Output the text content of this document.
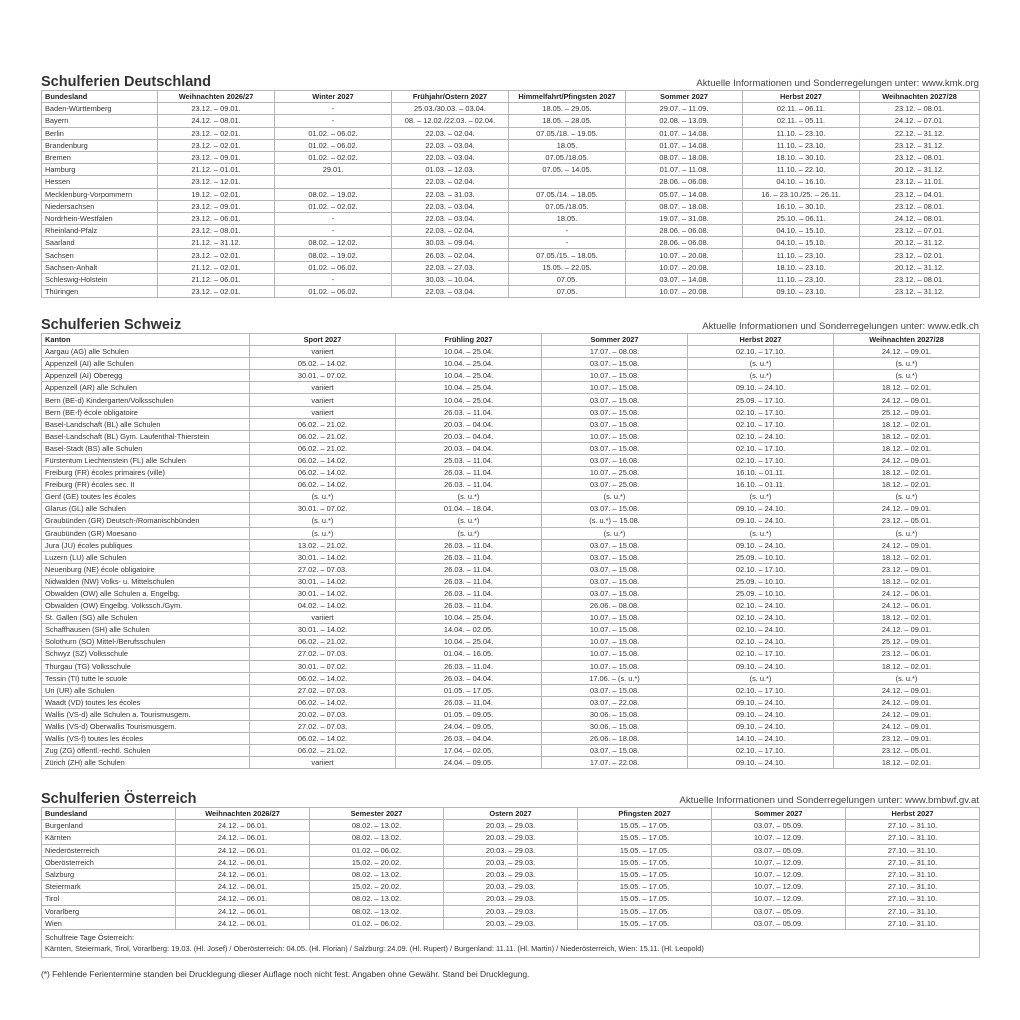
Schulferien Deutschland	Aktuelle Informationen und Sonderregelungen unter: www.kmk.org
Bundesland	Weihnachten 2026/27	Winter 2027	Frühjahr/Ostern 2027	Himmelfahrt/Pfingsten 2027	Sommer 2027	Herbst 2027	Weihnachten 2027/28
Baden-Württemberg	23.12. – 09.01.	-	25.03./30.03. – 03.04.	18.05. – 29.05.	29.07. – 11.09.	02.11. – 06.11.	23.12. – 08.01.
Bayern	24.12. – 08.01.	-	08. – 12.02./22.03. – 02.04.	18.05. – 28.05.	02.08. – 13.09.	02.11. – 05.11.	24.12. – 07.01.
Berlin	23.12. – 02.01.	01.02. – 06.02.	22.03. – 02.04.	07.05./18. – 19.05.	01.07. – 14.08.	11.10. – 23.10.	22.12. – 31.12.
Brandenburg	23.12. – 02.01.	01.02. – 06.02.	22.03. – 03.04.	18.05.	01.07. – 14.08.	11.10. – 23.10.	23.12. – 31.12.
Bremen	23.12. – 09.01.	01.02. – 02.02.	22.03. – 03.04.	07.05./18.05.	08.07. – 18.08.	18.10. – 30.10.	23.12. – 08.01.
Hamburg	21.12. – 01.01.	29.01.	01.03. – 12.03.	07.05. – 14.05.	01.07. – 11.08.	11.10. – 22.10.	20.12. – 31.12.
Hessen	23.12. – 12.01.		22.03. – 02.04.		28.06. – 06.08.	04.10. – 16.10.	23.12. – 11.01.
Mecklenburg-Vorpommern	19.12. – 02.01.	08.02. – 19.02.	22.03. – 31.03.	07.05./14. – 18.05.	05.07. – 14.08.	16. – 23.10./25. – 26.11.	23.12. – 04.01.
Niedersachsen	23.12. – 09.01.	01.02. – 02.02.	22.03. – 03.04.	07.05./18.05.	08.07. – 18.08.	16.10. – 30.10.	23.12. – 08.01.
Nordrhein-Westfalen	23.12. – 06.01.	-	22.03. – 03.04.	18.05.	19.07. – 31.08.	25.10. – 06.11.	24.12. – 08.01.
Rheinland-Pfalz	23.12. – 08.01.	-	22.03. – 02.04.	-	28.06. – 06.08.	04.10. – 15.10.	23.12. – 07.01.
Saarland	21.12. – 31.12.	08.02. – 12.02.	30.03. – 09.04.	-	28.06. – 06.08.	04.10. – 15.10.	20.12. – 31.12.
Sachsen	23.12. – 02.01.	08.02. – 19.02.	26.03. – 02.04.	07.05./15. – 18.05.	10.07. – 20.08.	11.10. – 23.10.	23.12. – 02.01.
Sachsen-Anhalt	21.12. – 02.01.	01.02. – 06.02.	22.03. – 27.03.	15.05. – 22.05.	10.07. – 20.08.	18.10. – 23.10.	20.12. – 31.12.
Schleswig-Holstein	21.12. – 06.01.	-	30.03. – 10.04.	07.05.	03.07. – 14.08.	11.10. – 23.10.	23.12. – 08.01.
Thüringen	23.12. – 02.01.	01.02. – 06.02.	22.03. – 03.04.	07.05.	10.07. – 20.08.	09.10. – 23.10.	23.12. – 31.12.
Schulferien Schweiz	Aktuelle Informationen und Sonderregelungen unter: www.edk.ch
Kanton	Sport 2027	Frühling 2027	Sommer 2027	Herbst 2027	Weihnachten 2027/28
Aargau (AG) alle Schulen	variiert	10.04. – 25.04.	17.07. – 08.08.	02.10. – 17.10.	24.12. – 09.01.
Appenzell (AI) alle Schulen	05.02. – 14.02.	10.04. – 25.04.	03.07. – 15.08.	(s. u.*)	(s. u.*)
Appenzell (AI) Oberegg	30.01. – 07.02.	10.04. – 25.04.	10.07. – 15.08.	(s. u.*)	(s. u.*)
Appenzell (AR) alle Schulen	variiert	10.04. – 25.04.	10.07. – 15.08.	09.10. – 24.10.	18.12. – 02.01.
Bern (BE-d) Kindergarten/Volksschulen	variiert	10.04. – 25.04.	03.07. – 15.08.	25.09. – 17.10.	24.12. – 09.01.
Bern (BE-f) école obligatoire	variiert	26.03. – 11.04.	03.07. – 15.08.	02.10. – 17.10.	25.12. – 09.01.
Basel-Landschaft (BL) alle Schulen	06.02. – 21.02.	20.03. – 04.04.	03.07. – 15.08.	02.10. – 17.10.	18.12. – 02.01.
Basel-Landschaft (BL) Gym. Laufenthal-Thierstein	06.02. – 21.02.	20.03. – 04.04.	10.07. – 15.08.	02.10. – 24.10.	18.12. – 02.01.
Basel-Stadt (BS) alle Schulen	06.02. – 21.02.	20.03. – 04.04.	03.07. – 15.08.	02.10. – 17.10.	18.12. – 02.01.
Fürstentum Liechtenstein (FL) alle Schulen	06.02. – 14.02.	25.03. – 11.04.	03.07. – 16.08.	02.10. – 17.10.	24.12. – 09.01.
Freiburg (FR) écoles primaires (ville)	06.02. – 14.02.	26.03. – 11.04.	10.07. – 25.08.	16.10. – 01.11.	18.12. – 02.01.
Freiburg (FR) écoles sec. II	06.02. – 14.02.	26.03. – 11.04.	03.07. – 25.08.	16.10. – 01.11.	18.12. – 02.01.
Genf (GE) toutes les écoles	(s. u.*)	(s. u.*)	(s. u.*)	(s. u.*)	(s. u.*)
Glarus (GL) alle Schulen	30.01. – 07.02.	01.04. – 18.04.	03.07. – 15.08.	09.10. – 24.10.	24.12. – 09.01.
Graubünden (GR) Deutsch-/Romanischbünden	(s. u.*)	(s. u.*)	(s. u.*) – 15.08.	09.10. – 24.10.	23.12. – 05.01.
Graubünden (GR) Moesano	(s. u.*)	(s. u.*)	(s. u.*)	(s. u.*)	(s. u.*)
Jura (JU) écoles publiques	13.02. – 21.02.	26.03. – 11.04.	03.07. – 15.08.	09.10. – 24.10.	24.12. – 09.01.
Luzern (LU) alle Schulen	30.01. – 14.02.	26.03. – 11.04.	03.07. – 15.08.	25.09. – 10.10.	18.12. – 02.01.
Neuenburg (NE) école obligatoire	27.02. – 07.03.	26.03. – 11.04.	03.07. – 15.08.	02.10. – 17.10.	23.12. – 09.01.
Nidwalden (NW) Volks- u. Mittelschulen	30.01. – 14.02.	26.03. – 11.04.	03.07. – 15.08.	25.09. – 10.10.	18.12. – 02.01.
Obwalden (OW) alle Schulen a. Engelbg.	30.01. – 14.02.	26.03. – 11.04.	03.07. – 15.08.	25.09. – 10.10.	24.12. – 06.01.
Obwalden (OW) Engelbg. Volkssch./Gym.	04.02. – 14.02.	26.03. – 11.04.	26.06. – 08.08.	02.10. – 24.10.	24.12. – 06.01.
St. Gallen (SG) alle Schulen	variiert	10.04. – 25.04.	10.07. – 15.08.	02.10. – 24.10.	18.12. – 02.01.
Schaffhausen (SH) alle Schulen	30.01. – 14.02.	14.04. – 02.05.	10.07. – 15.08.	02.10. – 24.10.	24.12. – 09.01.
Solothurn (SO) Mittel-/Berufsschulen	06.02. – 21.02.	10.04. – 25.04.	10.07. – 15.08.	02.10. – 24.10.	25.12. – 09.01.
Schwyz (SZ) Volksschule	27.02. – 07.03.	01.04. – 16.05.	10.07. – 15.08.	02.10. – 17.10.	23.12. – 06.01.
Thurgau (TG) Volksschule	30.01. – 07.02.	26.03. – 11.04.	10.07. – 15.08.	09.10. – 24.10.	18.12. – 02.01.
Tessin (TI) tutte le scuole	06.02. – 14.02.	26.03. – 04.04.	17.06. – (s. u.*)	(s. u.*)	(s. u.*)
Uri (UR) alle Schulen	27.02. – 07.03.	01.05. – 17.05.	03.07. – 15.08.	02.10. – 17.10.	24.12. – 09.01.
Waadt (VD) toutes les écoles	06.02. – 14.02.	26.03. – 11.04.	03.07. – 22.08.	09.10. – 24.10.	24.12. – 09.01.
Wallis (VS-d) alle Schulen a. Tourismusgem.	20.02. – 07.03.	01.05. – 09.05.	30.06. – 15.08.	09.10. – 24.10.	24.12. – 09.01.
Wallis (VS-d) Oberwallis Tourismusgem.	27.02. – 07.03.	24.04. – 09.05.	30.06. – 15.08.	09.10. – 24.10.	24.12. – 09.01.
Wallis (VS-f) toutes les écoles	06.02. – 14.02.	26.03. – 04.04.	26.06. – 18.08.	14.10. – 24.10.	23.12. – 09.01.
Zug (ZG) öffentl.-rechtl. Schulen	06.02. – 21.02.	17.04. – 02.05.	03.07. – 15.08.	02.10. – 17.10.	23.12. – 05.01.
Zürich (ZH) alle Schulen	variiert	24.04. – 09.05.	17.07. – 22.08.	09.10. – 24.10.	18.12. – 02.01.
Schulferien Österreich	Aktuelle Informationen und Sonderregelungen unter: www.bmbwf.gv.at
Bundesland	Weihnachten 2026/27	Semester 2027	Ostern 2027	Pfingsten 2027	Sommer 2027	Herbst 2027
Burgenland	24.12. – 06.01.	08.02. – 13.02.	20.03. – 29.03.	15.05. – 17.05.	03.07. – 05.09.	27.10. – 31.10.
Kärnten	24.12. – 06.01.	08.02. – 13.02.	20.03. – 29.03.	15.05. – 17.05.	10.07. – 12.09.	27.10. – 31.10.
Niederösterreich	24.12. – 06.01.	01.02. – 06.02.	20.03. – 29.03.	15.05. – 17.05.	03.07. – 05.09.	27.10. – 31.10.
Oberösterreich	24.12. – 06.01.	15.02. – 20.02.	20.03. – 29.03.	15.05. – 17.05.	10.07. – 12.09.	27.10. – 31.10.
Salzburg	24.12. – 06.01.	08.02. – 13.02.	20.03. – 29.03.	15.05. – 17.05.	10.07. – 12.09.	27.10. – 31.10.
Steiermark	24.12. – 06.01.	15.02. – 20.02.	20.03. – 29.03.	15.05. – 17.05.	10.07. – 12.09.	27.10. – 31.10.
Tirol	24.12. – 06.01.	08.02. – 13.02.	20.03. – 29.03.	15.05. – 17.05.	10.07. – 12.09.	27.10. – 31.10.
Vorarlberg	24.12. – 06.01.	08.02. – 13.02.	20.03. – 29.03.	15.05. – 17.05.	03.07. – 05.09.	27.10. – 31.10.
Wien	24.12. – 06.01.	01.02. – 06.02.	20.03. – 29.03.	15.05. – 17.05.	03.07. – 05.09.	27.10. – 31.10.

Schulfreie Tage Österreich:
Kärnten, Steiermark, Tirol, Vorarlberg: 19.03. (Hl. Josef) / Oberösterreich: 04.05. (Hl. Florian) / Salzburg: 24.09. (Hl. Rupert) / Burgenland: 11.11. (Hl. Martin) / Niederösterreich, Wien: 15.11. (Hl. Leopold)						
(*) Fehlende Ferientermine standen bei Drucklegung dieser Auflage noch nicht fest. Angaben ohne Gewähr. Stand bei Drucklegung.
